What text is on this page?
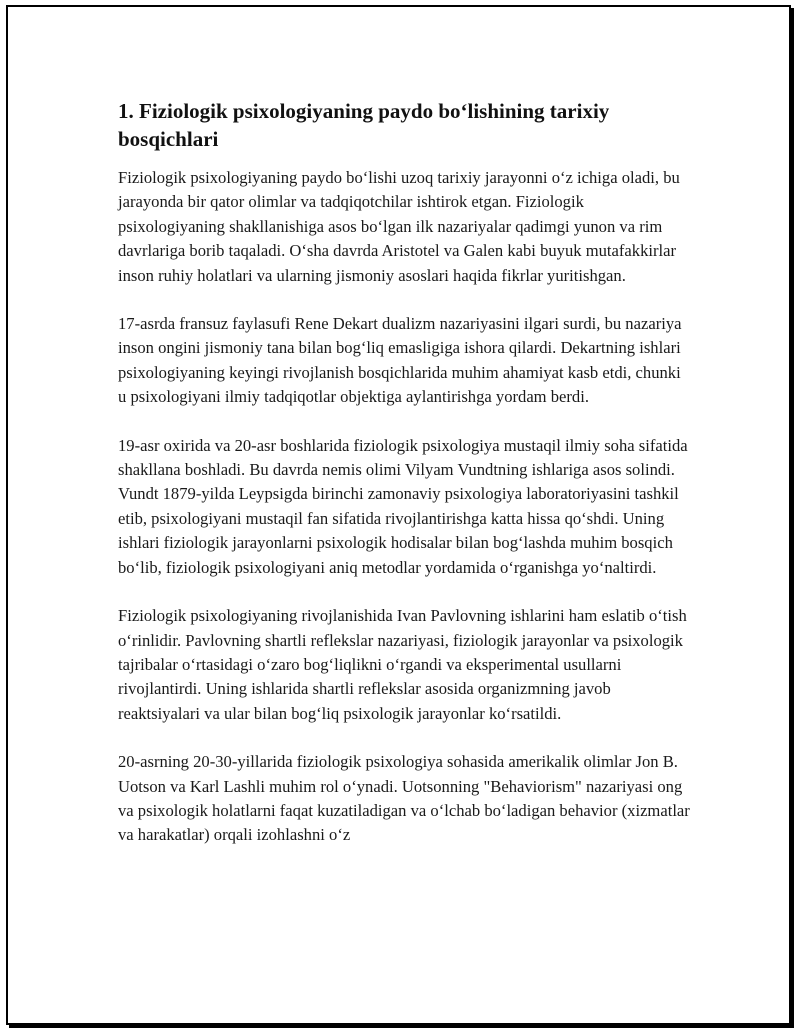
1. Fiziologik psixologiyaning paydo bo‘lishining tarixiy bosqichlari

Fiziologik psixologiyaning paydo bo‘lishi uzoq tarixiy jarayonni o‘z ichiga oladi, bu jarayonda bir qator olimlar va tadqiqotchilar ishtirok etgan. Fiziologik psixologiyaning shakllanishiga asos bo‘lgan ilk nazariyalar qadimgi yunon va rim davrlariga borib taqaladi. O‘sha davrda Aristotel va Galen kabi buyuk mutafakkirlar inson ruhiy holatlari va ularning jismoniy asoslari haqida fikrlar yuritishgan.

17-asrda fransuz faylasufi Rene Dekart dualizm nazariyasini ilgari surdi, bu nazariya inson ongini jismoniy tana bilan bog‘liq emasligiga ishora qilardi. Dekartning ishlari psixologiyaning keyingi rivojlanish bosqichlarida muhim ahamiyat kasb etdi, chunki u psixologiyani ilmiy tadqiqotlar objektiga aylantirishga yordam berdi.

19-asr oxirida va 20-asr boshlarida fiziologik psixologiya mustaqil ilmiy soha sifatida shakllana boshladi. Bu davrda nemis olimi Vilyam Vundtning ishlariga asos solindi. Vundt 1879-yilda Leypsigda birinchi zamonaviy psixologiya laboratoriyasini tashkil etib, psixologiyani mustaqil fan sifatida rivojlantirishga katta hissa qo‘shdi. Uning ishlari fiziologik jarayonlarni psixologik hodisalar bilan bog‘lashda muhim bosqich bo‘lib, fiziologik psixologiyani aniq metodlar yordamida o‘rganishga yo‘naltirdi.

Fiziologik psixologiyaning rivojlanishida Ivan Pavlovning ishlarini ham eslatib o‘tish o‘rinlidir. Pavlovning shartli reflekslar nazariyasi, fiziologik jarayonlar va psixologik tajribalar o‘rtasidagi o‘zaro bog‘liqlikni o‘rgandi va eksperimental usullarni rivojlantirdi. Uning ishlarida shartli reflekslar asosida organizmning javob reaktsiyalari va ular bilan bog‘liq psixologik jarayonlar ko‘rsatildi.

20-asrning 20-30-yillarida fiziologik psixologiya sohasida amerikalik olimlar Jon B. Uotson va Karl Lashli muhim rol o‘ynadi. Uotsonning "Behaviorism" nazariyasi ong va psixologik holatlarni faqat kuzatiladigan va o‘lchab bo‘ladigan behavior (xizmatlar va harakatlar) orqali izohlashni o‘z
